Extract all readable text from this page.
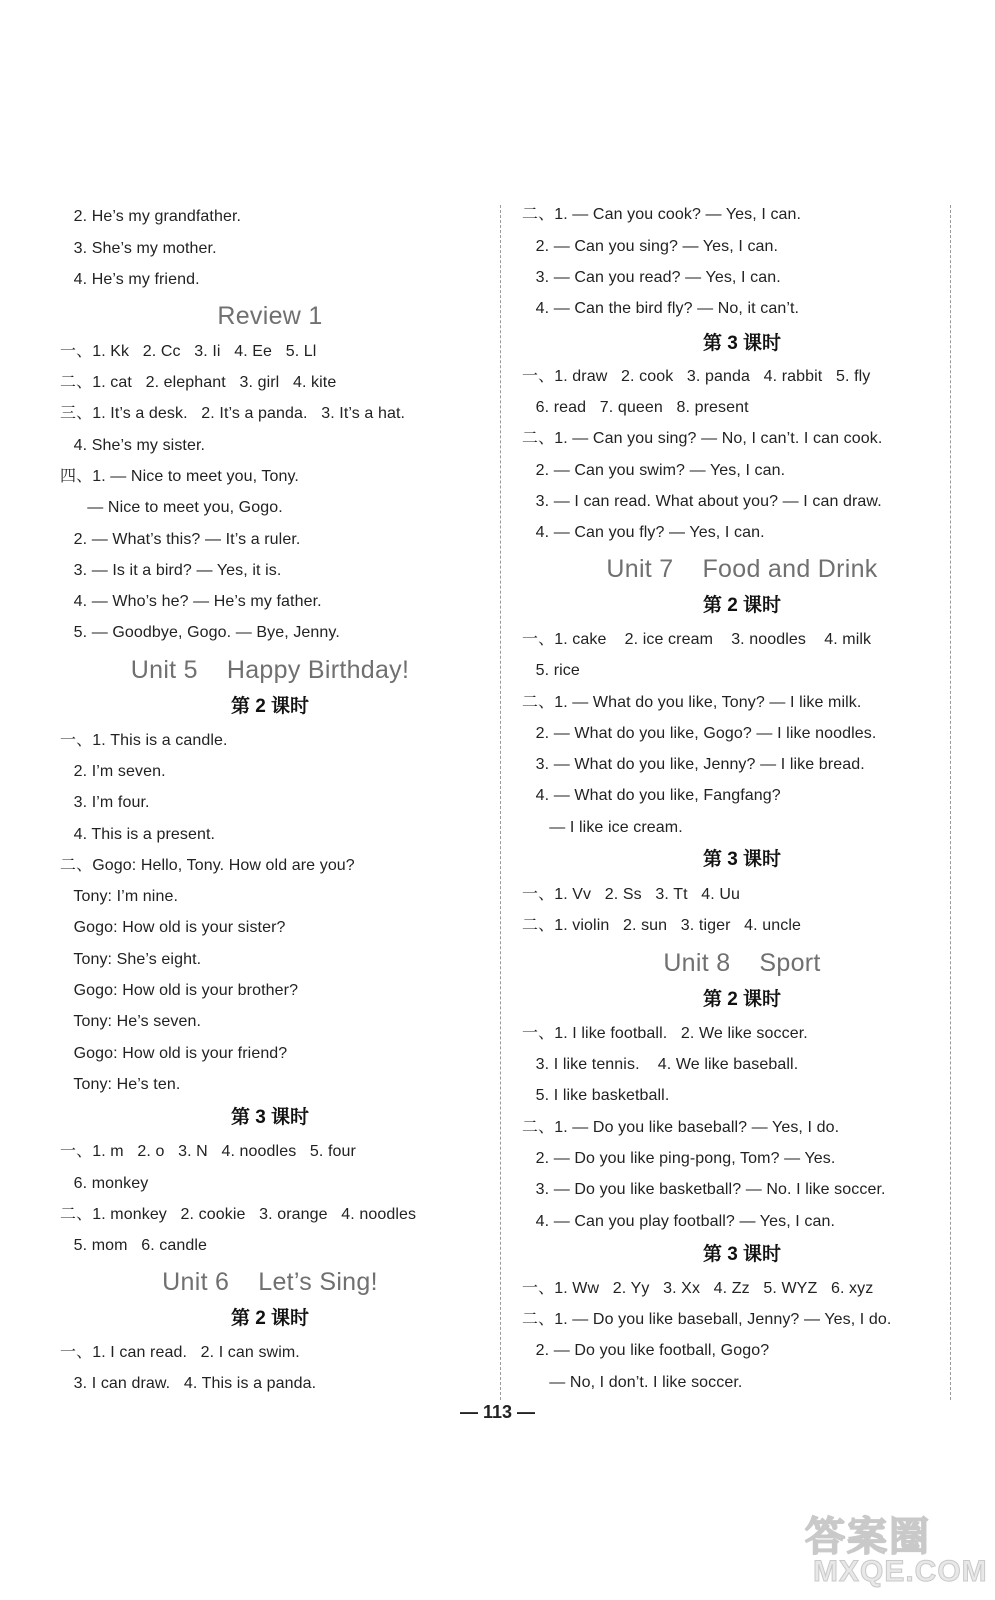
2. He’s my grandfather.
3. She’s my mother.
4. He’s my friend.
Review 1
一、1. Kk   2. Cc   3. Ii   4. Ee   5. Ll
二、1. cat   2. elephant   3. girl   4. kite
三、1. It’s a desk.   2. It’s a panda.   3. It’s a hat.
4. She’s my sister.
四、1. — Nice to meet you, Tony.
— Nice to meet you, Gogo.
2. — What’s this? — It’s a ruler.
3. — Is it a bird? — Yes, it is.
4. — Who’s he? — He’s my father.
5. — Goodbye, Gogo. — Bye, Jenny.
Unit 5    Happy Birthday!
第 2 课时
一、1. This is a candle.
2. I’m seven.
3. I’m four.
4. This is a present.
二、Gogo: Hello, Tony. How old are you?
Tony: I’m nine.
Gogo: How old is your sister?
Tony: She’s eight.
Gogo: How old is your brother?
Tony: He’s seven.
Gogo: How old is your friend?
Tony: He’s ten.
第 3 课时
一、1. m   2. o   3. N   4. noodles   5. four
6. monkey
二、1. monkey   2. cookie   3. orange   4. noodles
5. mom   6. candle
Unit 6    Let’s Sing!
第 2 课时
一、1. I can read.   2. I can swim.
3. I can draw.   4. This is a panda.
二、1. — Can you cook? — Yes, I can.
2. — Can you sing? — Yes, I can.
3. — Can you read? — Yes, I can.
4. — Can the bird fly? — No, it can’t.
第 3 课时
一、1. draw   2. cook   3. panda   4. rabbit   5. fly
6. read   7. queen   8. present
二、1. — Can you sing? — No, I can’t. I can cook.
2. — Can you swim? — Yes, I can.
3. — I can read. What about you? — I can draw.
4. — Can you fly? — Yes, I can.
Unit 7    Food and Drink
第 2 课时
一、1. cake    2. ice cream    3. noodles    4. milk
5. rice
二、1. — What do you like, Tony? — I like milk.
2. — What do you like, Gogo? — I like noodles.
3. — What do you like, Jenny? — I like bread.
4. — What do you like, Fangfang?
— I like ice cream.
第 3 课时
一、1. Vv   2. Ss   3. Tt   4. Uu
二、1. violin   2. sun   3. tiger   4. uncle
Unit 8    Sport
第 2 课时
一、1. I like football.   2. We like soccer.
3. I like tennis.    4. We like baseball.
5. I like basketball.
二、1. — Do you like baseball? — Yes, I do.
2. — Do you like ping-pong, Tom? — Yes.
3. — Do you like basketball? — No. I like soccer.
4. — Can you play football? — Yes, I can.
第 3 课时
一、1. Ww   2. Yy   3. Xx   4. Zz   5. WYZ   6. xyz
二、1. — Do you like baseball, Jenny? — Yes, I do.
2. — Do you like football, Gogo?
— No, I don’t. I like soccer.
— 113 —
答案圈
MXQE.COM
